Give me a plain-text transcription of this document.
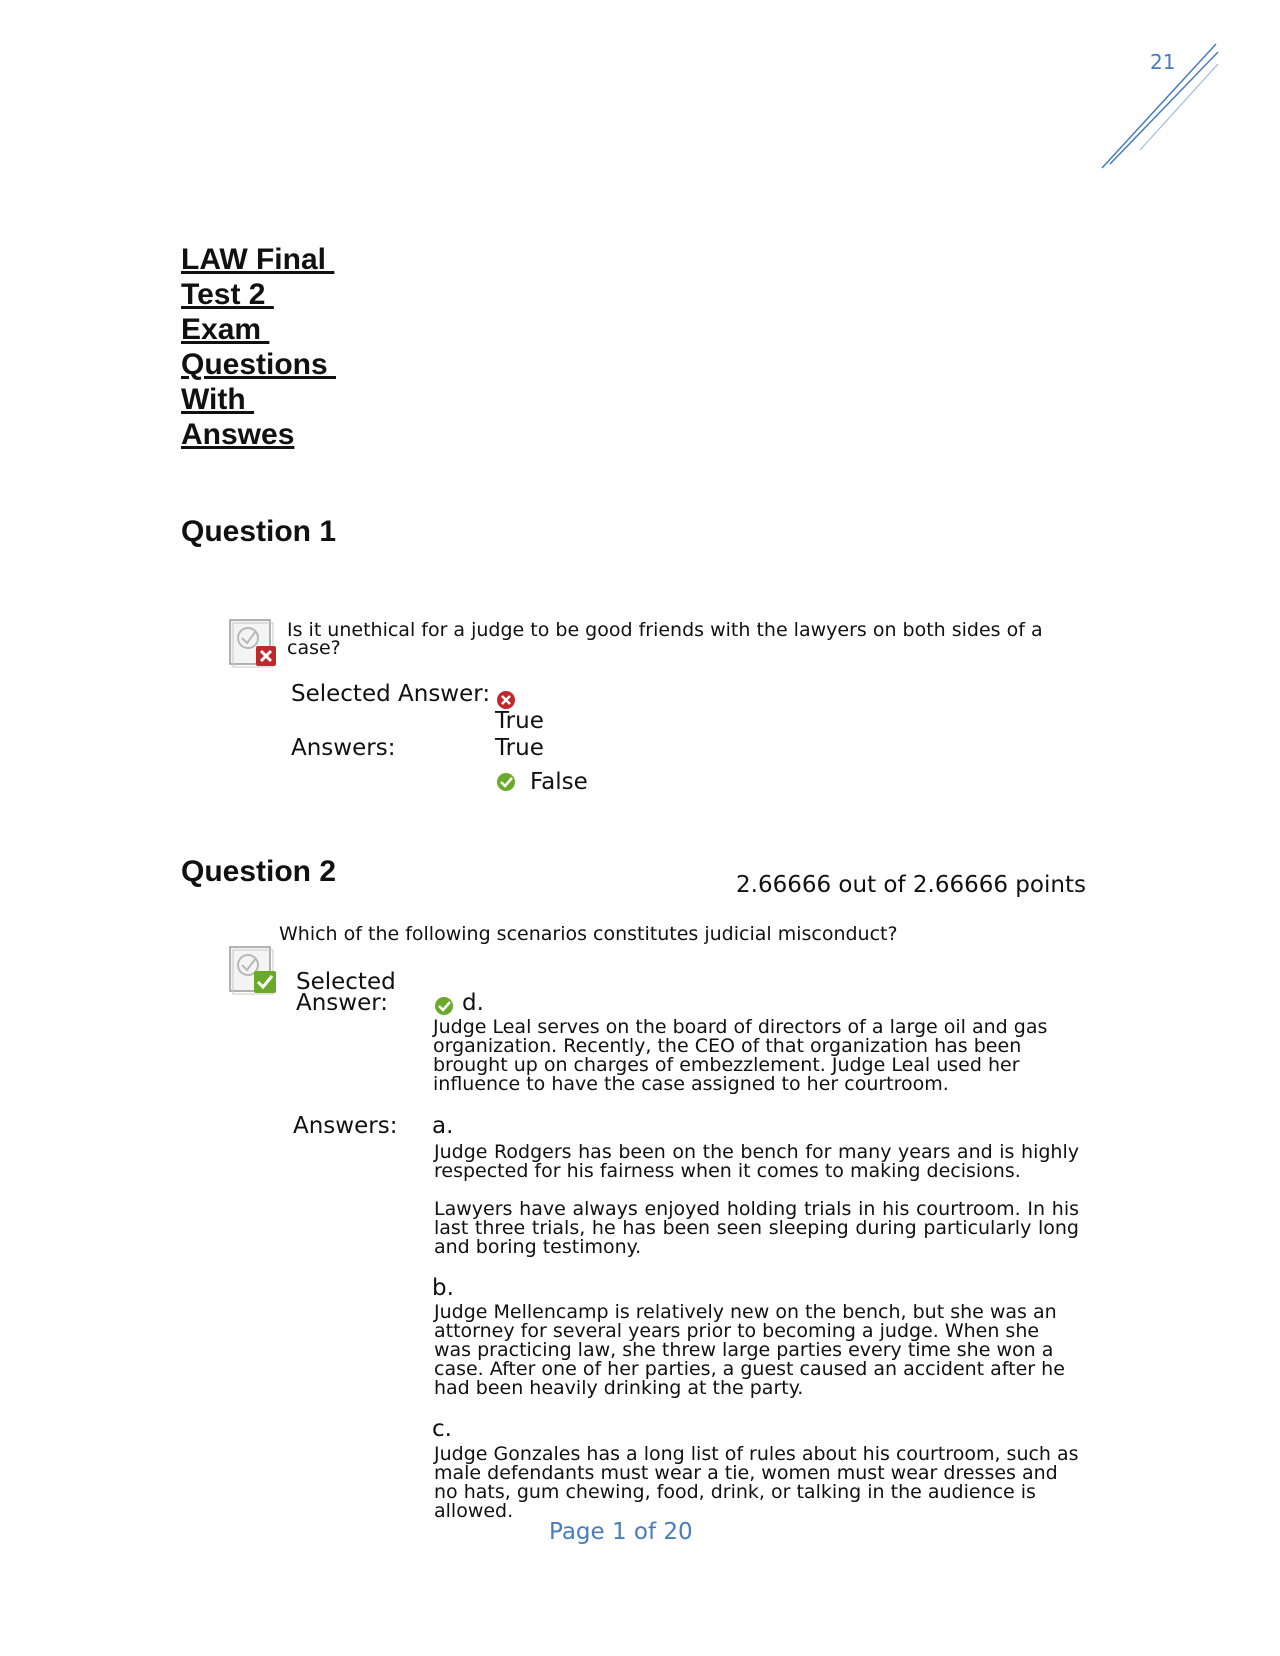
21
LAW Final
Test 2
Exam
Questions
With
Answes
Question 1
Is it unethical for a judge to be good friends with the lawyers on both sides of a case?
Selected Answer:
True
Answers:	True
False
Question 2	2.66666 out of 2.66666 points
Which of the following scenarios constitutes judicial misconduct?
Selected Answer:	d.
Judge Leal serves on the board of directors of a large oil and gas organization. Recently, the CEO of that organization has been brought up on charges of embezzlement. Judge Leal used her influence to have the case assigned to her courtroom.
Answers: a.
Judge Rodgers has been on the bench for many years and is highly respected for his fairness when it comes to making decisions.
Lawyers have always enjoyed holding trials in his courtroom. In his last three trials, he has been seen sleeping during particularly long and boring testimony.
b.
Judge Mellencamp is relatively new on the bench, but she was an attorney for several years prior to becoming a judge. When she was practicing law, she threw large parties every time she won a case. After one of her parties, a guest caused an accident after he had been heavily drinking at the party.
c.
Judge Gonzales has a long list of rules about his courtroom, such as male defendants must wear a tie, women must wear dresses and no hats, gum chewing, food, drink, or talking in the audience is allowed.
Page 1 of 20
